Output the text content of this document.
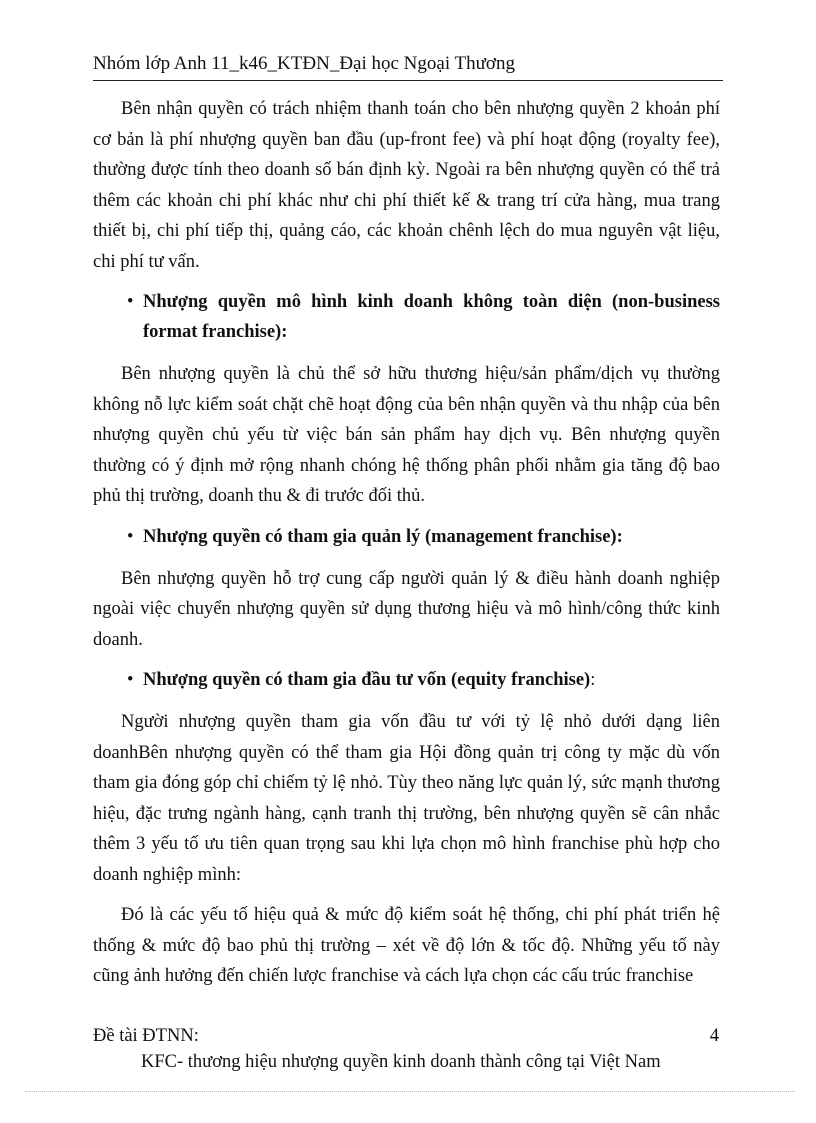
Nhóm lớp Anh 11_k46_KTĐN_Đại học Ngoại Thương

Bên nhận quyền có trách nhiệm thanh toán cho bên nhượng quyền 2 khoản phí cơ bản là phí nhượng quyền ban đầu (up-front fee) và phí hoạt động (royalty fee), thường được tính theo doanh số bán định kỳ. Ngoài ra bên nhượng quyền có thể trả thêm các khoản chi phí khác như chi phí thiết kế & trang trí cửa hàng, mua trang thiết bị, chi phí tiếp thị, quảng cáo, các khoản chênh lệch do mua nguyên vật liệu, chi phí tư vấn.

• Nhượng quyền mô hình kinh doanh không toàn diện (non-business format franchise):

Bên nhượng quyền là chủ thể sở hữu thương hiệu/sản phẩm/dịch vụ thường không nỗ lực kiểm soát chặt chẽ hoạt động của bên nhận quyền và thu nhập của bên nhượng quyền chủ yếu từ việc bán sản phẩm hay dịch vụ. Bên nhượng quyền thường có ý định mở rộng nhanh chóng hệ thống phân phối nhằm gia tăng độ bao phủ thị trường, doanh thu & đi trước đối thủ.

• Nhượng quyền có tham gia quản lý (management franchise):

Bên nhượng quyền hỗ trợ cung cấp người quản lý & điều hành doanh nghiệp ngoài việc chuyển nhượng quyền sử dụng thương hiệu và mô hình/công thức kinh doanh.

• Nhượng quyền có tham gia đầu tư vốn (equity franchise):

Người nhượng quyền tham gia vốn đầu tư với tỷ lệ nhỏ dưới dạng liên doanhBên nhượng quyền có thể tham gia Hội đồng quản trị công ty mặc dù vốn tham gia đóng góp chỉ chiếm tỷ lệ nhỏ. Tùy theo năng lực quản lý, sức mạnh thương hiệu, đặc trưng ngành hàng, cạnh tranh thị trường, bên nhượng quyền sẽ cân nhắc thêm 3 yếu tố ưu tiên quan trọng sau khi lựa chọn mô hình franchise phù hợp cho doanh nghiệp mình:

Đó là các yếu tố hiệu quả & mức độ kiểm soát hệ thống, chi phí phát triển hệ thống & mức độ bao phủ thị trường – xét về độ lớn & tốc độ. Những yếu tố này cũng ảnh hưởng đến chiến lược franchise và cách lựa chọn các cấu trúc franchise

Đề tài ĐTNN:
KFC- thương hiệu nhượng quyền kinh doanh thành công tại Việt Nam
4
